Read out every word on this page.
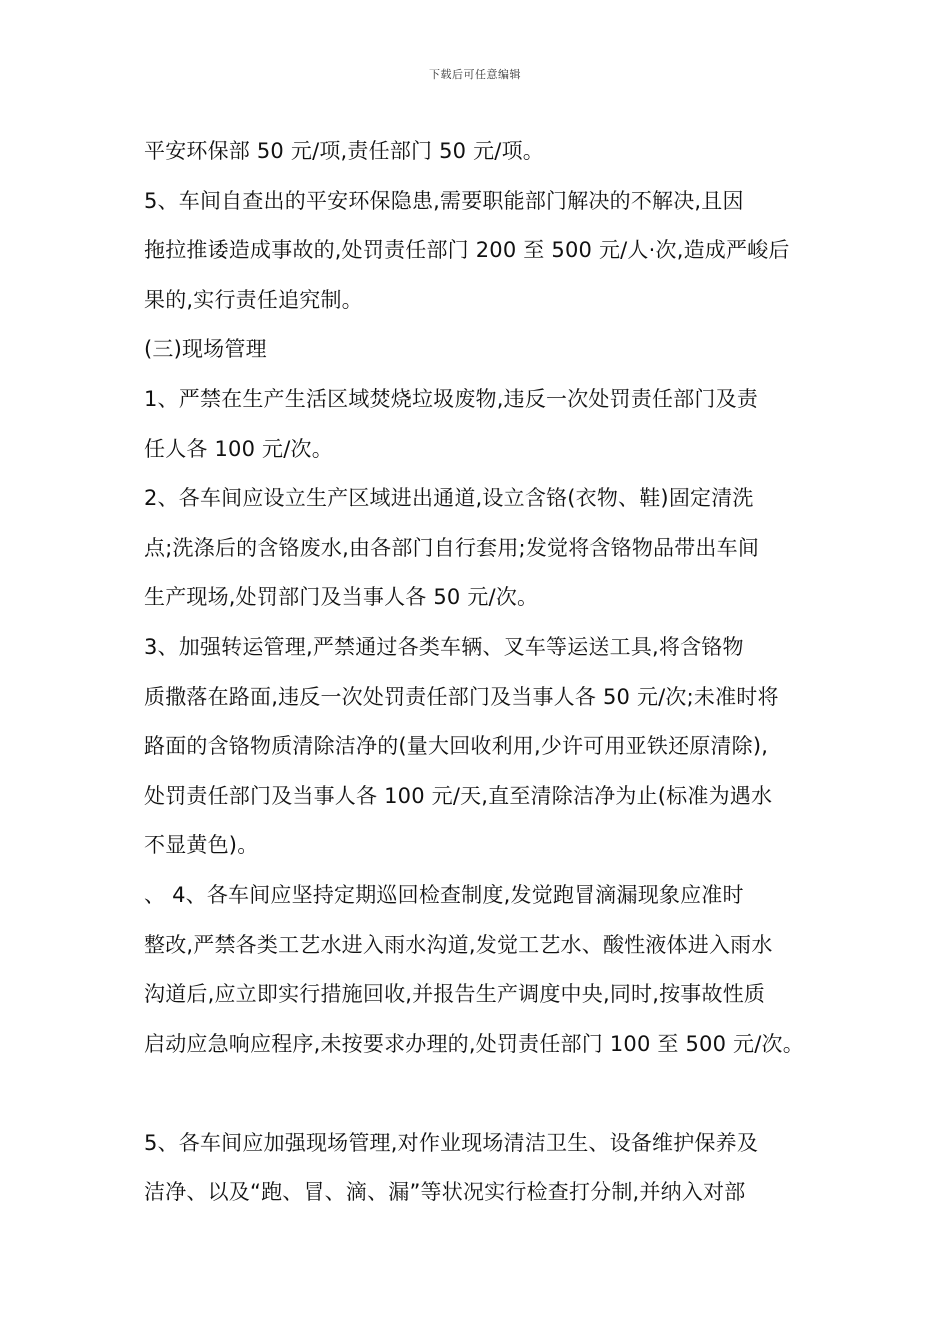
下载后可任意编辑
平安环保部 50 元/项,责任部门 50 元/项。
5、车间自查出的平安环保隐患,需要职能部门解决的不解决,且因
拖拉推诿造成事故的,处罚责任部门 200 至 500 元/人·次,造成严峻后
果的,实行责任追究制。
(三)现场管理
1、严禁在生产生活区域焚烧垃圾废物,违反一次处罚责任部门及责
任人各 100 元/次。
2、各车间应设立生产区域进出通道,设立含铬(衣物、鞋)固定清洗
点;洗涤后的含铬废水,由各部门自行套用;发觉将含铬物品带出车间
生产现场,处罚部门及当事人各 50 元/次。
3、加强转运管理,严禁通过各类车辆、叉车等运送工具,将含铬物
质撒落在路面,违反一次处罚责任部门及当事人各 50 元/次;未准时将
路面的含铬物质清除洁净的(量大回收利用,少许可用亚铁还原清除),
处罚责任部门及当事人各 100 元/天,直至清除洁净为止(标准为遇水
不显黄色)。
、 4、各车间应坚持定期巡回检查制度,发觉跑冒滴漏现象应准时
整改,严禁各类工艺水进入雨水沟道,发觉工艺水、酸性液体进入雨水
沟道后,应立即实行措施回收,并报告生产调度中央,同时,按事故性质
启动应急响应程序,未按要求办理的,处罚责任部门 100 至 500 元/次。
5、各车间应加强现场管理,对作业现场清洁卫生、设备维护保养及
洁净、以及“跑、冒、滴、漏”等状况实行检查打分制,并纳入对部
